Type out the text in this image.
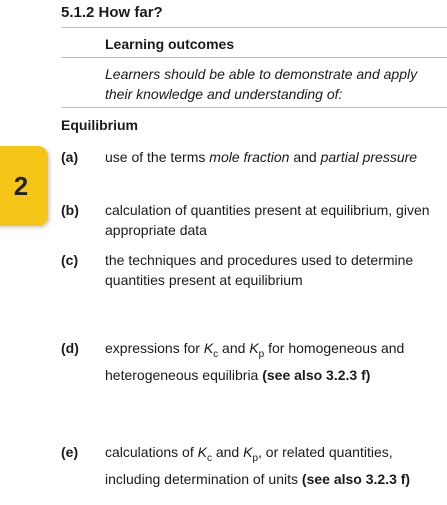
5.1.2 How far?
Learning outcomes
Learners should be able to demonstrate and apply their knowledge and understanding of:
Equilibrium
2
(a) use of the terms mole fraction and partial pressure
(b) calculation of quantities present at equilibrium, given appropriate data
(c) the techniques and procedures used to determine quantities present at equilibrium
(d) expressions for $K_c$ and $K_p$ for homogeneous and heterogeneous equilibria (see also 3.2.3 f)
(e) calculations of $K_c$ and $K_p$, or related quantities, including determination of units (see also 3.2.3 f)
